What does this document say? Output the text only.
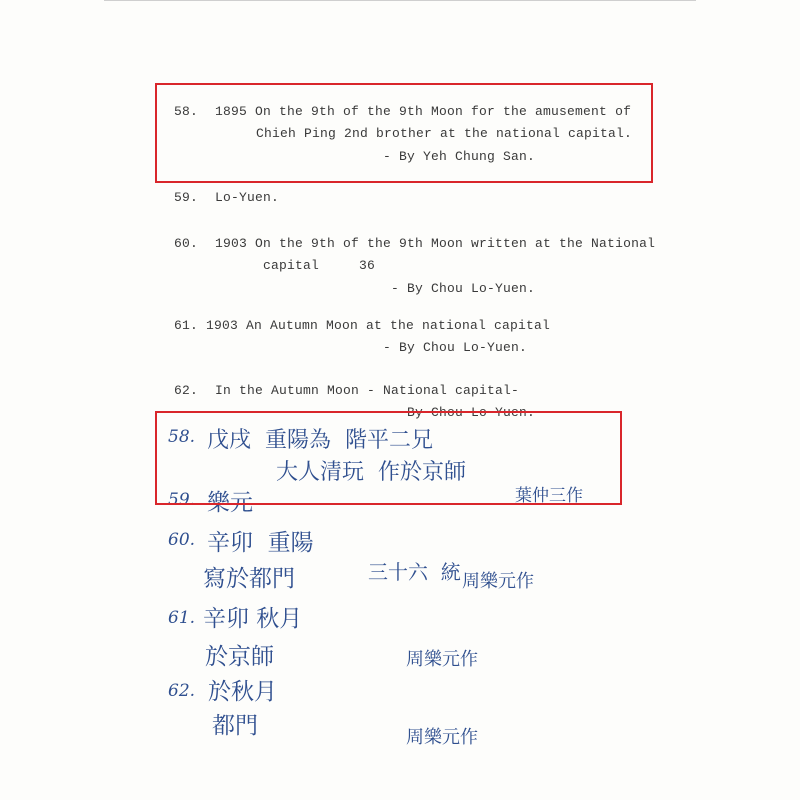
58. 1895 On the 9th of the 9th Moon for the amusement of
Chieh Ping 2nd brother at the national capital.
- By Yeh Chung San.
59. Lo-Yuen.
60. 1903 On the 9th of the 9th Moon written at the National
capital	36
- By Chou Lo-Yuen.
61. 1903 An Autumn Moon at the national capital
- By Chou Lo-Yuen.
62. In the Autumn Moon - National capital-
- By Chou Lo-Yuen.
58. 戊戌  重陽為  階平二兄
大人清玩  作於京師
葉仲三作
59. 樂元
60. 辛卯  重陽
寫於都門	三十六  統 周樂元作
61. 辛卯 秋月
於京師	周樂元作
62. 於秋月
都門	周樂元作
